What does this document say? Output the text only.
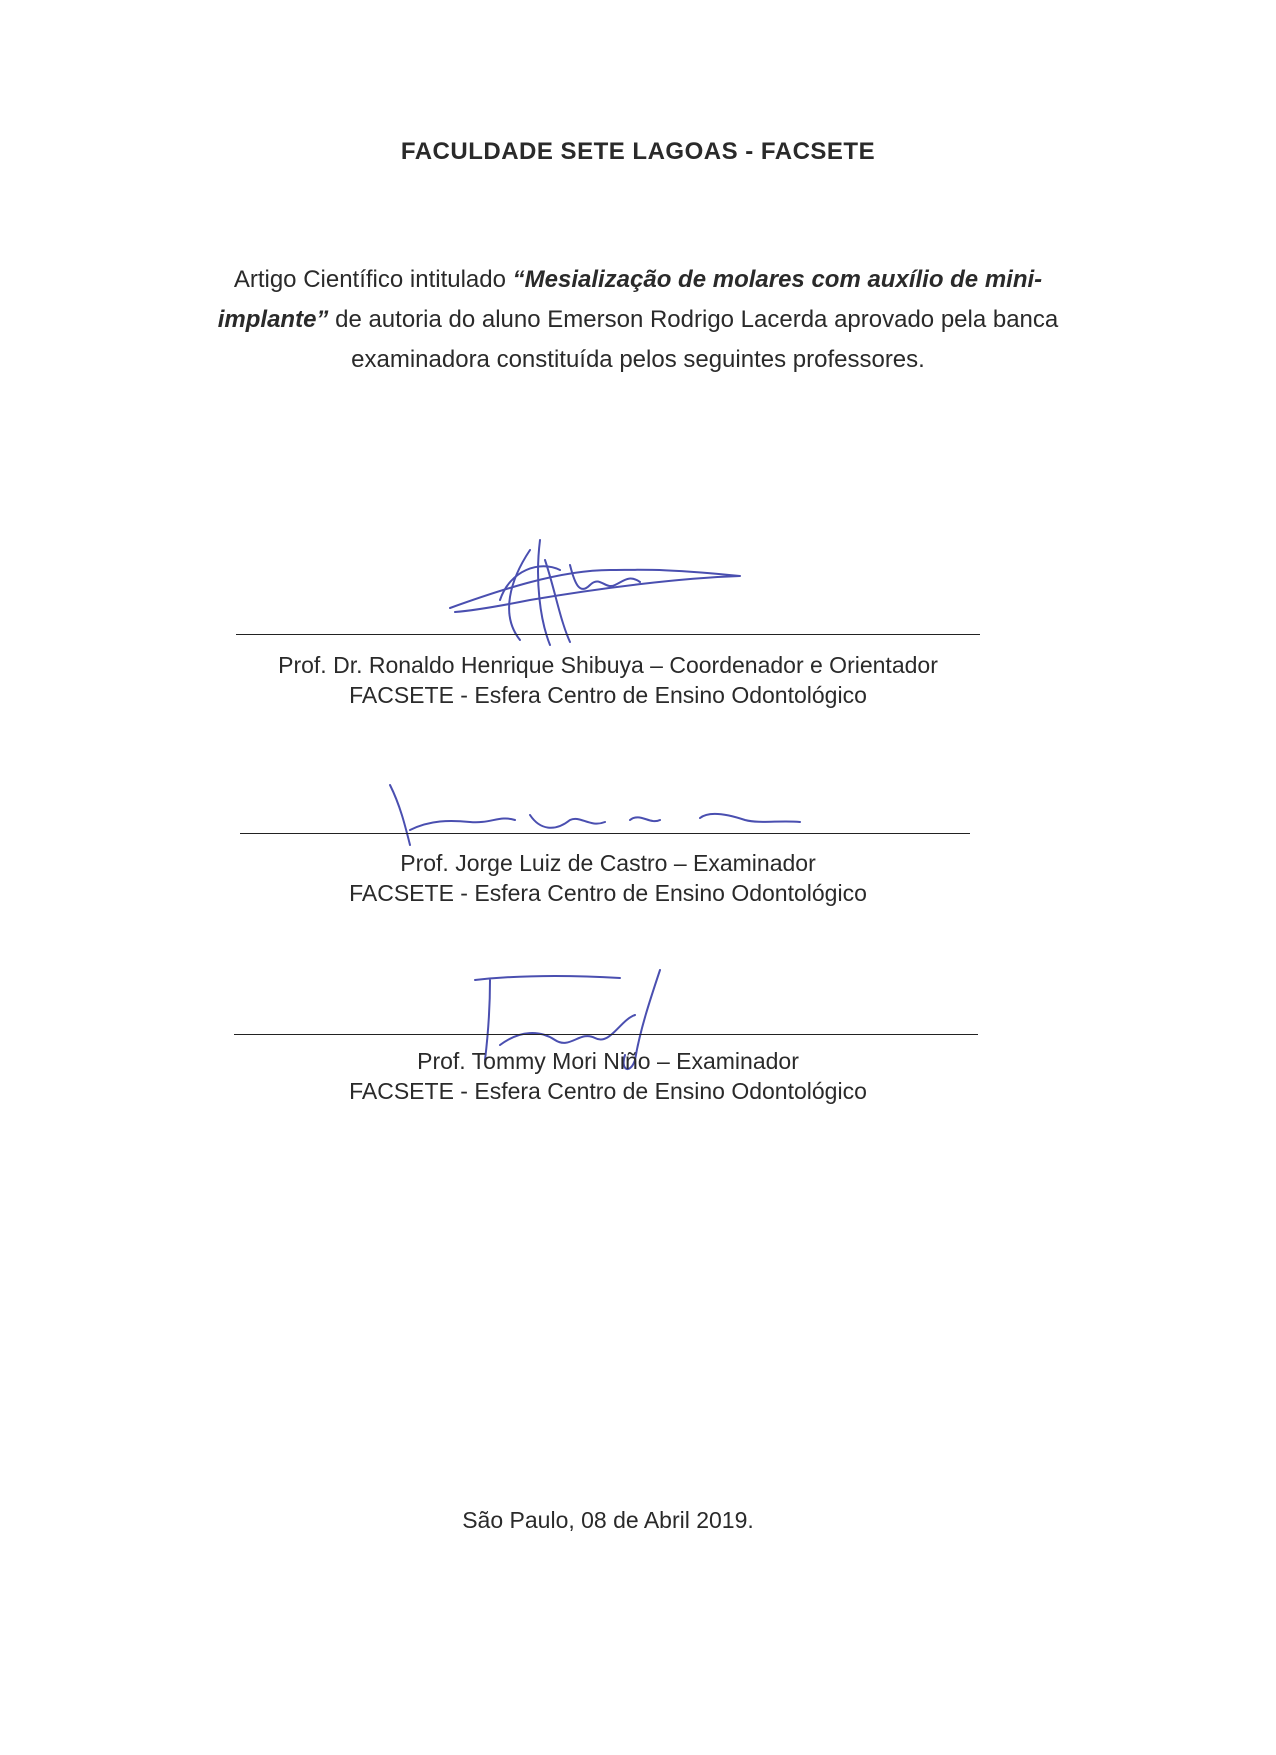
FACULDADE SETE LAGOAS - FACSETE
Artigo Científico intitulado “Mesialização de molares com auxílio de mini-implante” de autoria do aluno Emerson Rodrigo Lacerda aprovado pela banca examinadora constituída pelos seguintes professores.
Prof. Dr. Ronaldo Henrique Shibuya – Coordenador e Orientador
FACSETE - Esfera Centro de Ensino Odontológico
Prof. Jorge Luiz de Castro – Examinador
FACSETE - Esfera Centro de Ensino Odontológico
Prof. Tommy Mori Niño – Examinador
FACSETE - Esfera Centro de Ensino Odontológico
São Paulo, 08 de Abril 2019.
